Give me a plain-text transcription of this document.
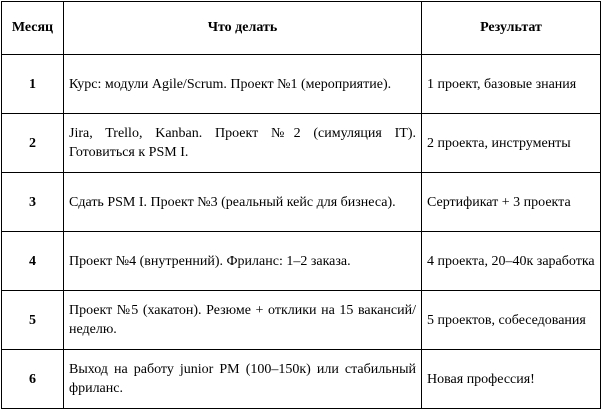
Месяц	Что делать	Результат
1	Курс: модули Agile/Scrum. Проект №1 (мероприятие).	1 проект, базовые знания
2	Jira, Trello, Kanban. Проект №2 (симуляция IT). Готовиться к PSM I.	2 проекта, инструменты
3	Сдать PSM I. Проект №3 (реальный кейс для бизнеса).	Сертификат + 3 проекта
4	Проект №4 (внутренний). Фриланс: 1–2 заказа.	4 проекта, 20–40к заработка
5	Проект №5 (хакатон). Резюме + отклики на 15 вакансий/неделю.	5 проектов, собеседования
6	Выход на работу junior PM (100–150к) или стабильный фриланс.	Новая профессия!
